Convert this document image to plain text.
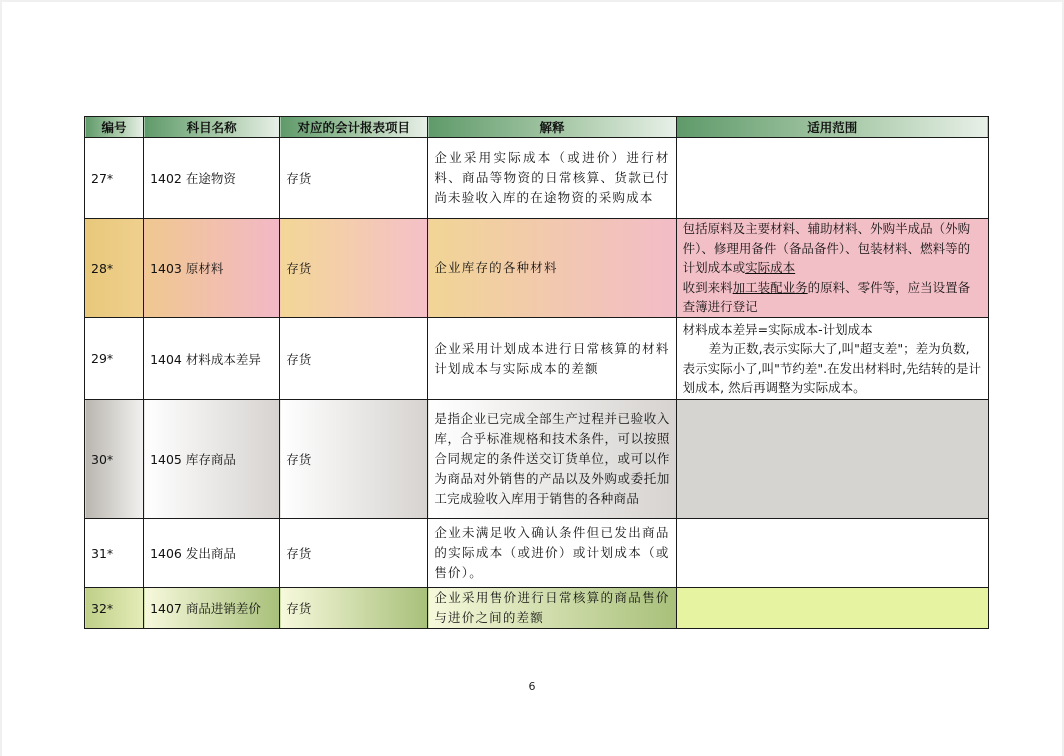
编号	科目名称	对应的会计报表项目	解释	适用范围
27*	1402 在途物资	存货	企业采用实际成本（或进价）进行材料、商品等物资的日常核算、货款已付尚未验收入库的在途物资的采购成本	
28*	1403 原材料	存货	企业库存的各种材料	包括原料及主要材料、辅助材料、外购半成品（外购件）、修理用备件（备品备件）、包装材料、燃料等的计划成本或实际成本
收到来料加工装配业务的原料、零件等，应当设置备查簿进行登记
29*	1404 材料成本差异	存货	企业采用计划成本进行日常核算的材料计划成本与实际成本的差额	材料成本差异=实际成本-计划成本
差为正数,表示实际大了,叫"超支差"；差为负数,表示实际小了,叫"节约差".在发出材料时,先结转的是计划成本, 然后再调整为实际成本。
30*	1405 库存商品	存货	是指企业已完成全部生产过程并已验收入库，合乎标准规格和技术条件，可以按照合同规定的条件送交订货单位，或可以作为商品对外销售的产品以及外购或委托加工完成验收入库用于销售的各种商品	
31*	1406 发出商品	存货	企业未满足收入确认条件但已发出商品的实际成本（或进价）或计划成本（或售价）。	
32*	1407 商品进销差价	存货	企业采用售价进行日常核算的商品售价与进价之间的差额	
6
